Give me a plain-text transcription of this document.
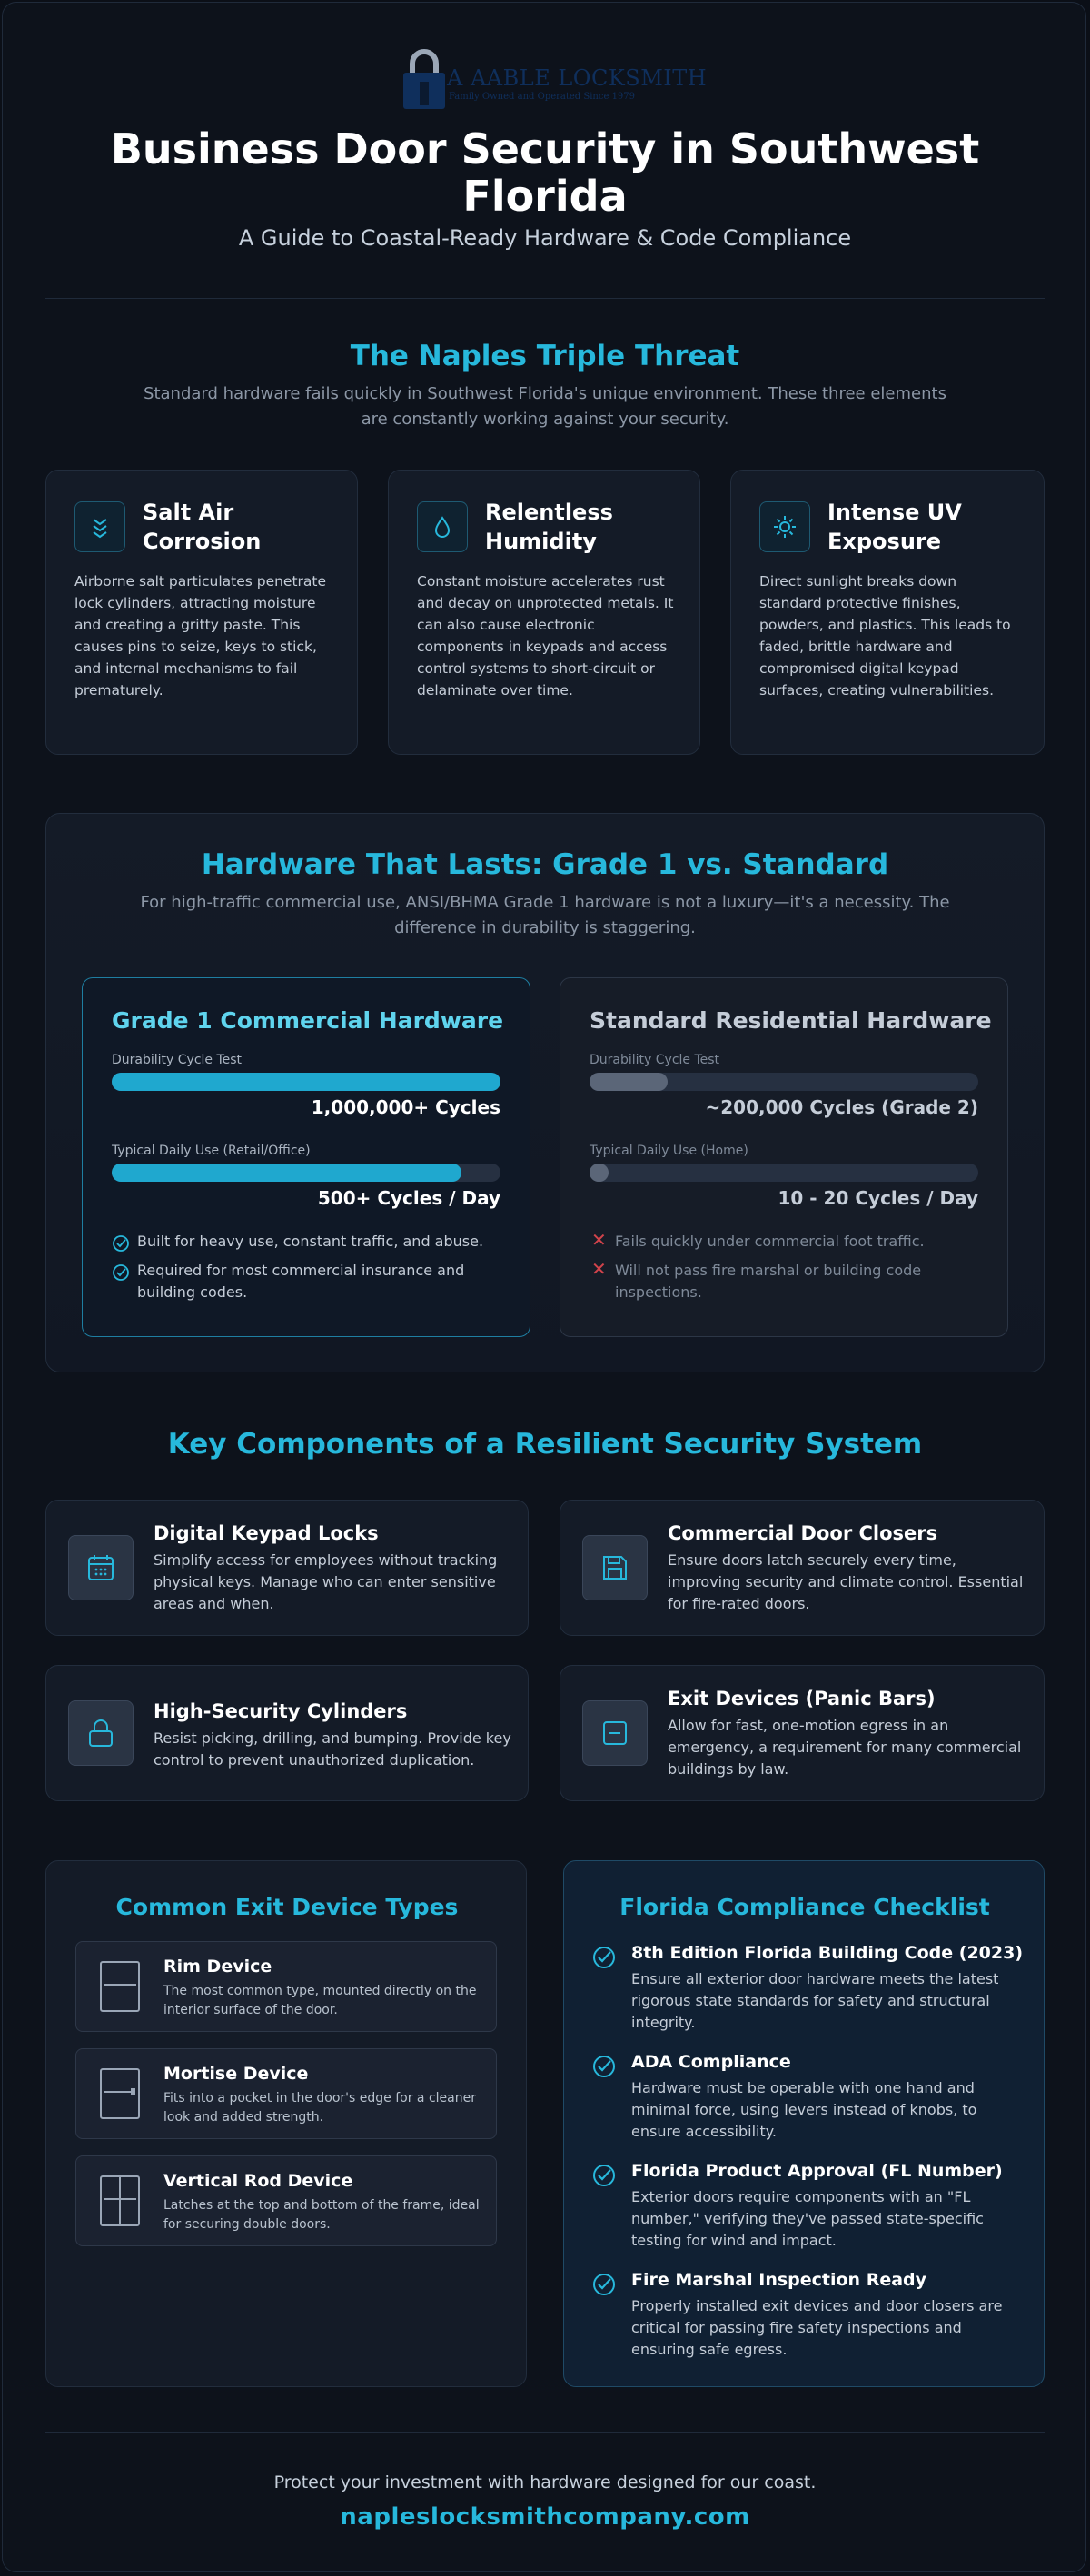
A AABLE LOCKSMITH
Family Owned and Operated Since 1979
Business Door Security in Southwest Florida
A Guide to Coastal-Ready Hardware & Code Compliance
The Naples Triple Threat
Standard hardware fails quickly in Southwest Florida's unique environment. These three elements are constantly working against your security.
Salt Air Corrosion
Airborne salt particulates penetrate lock cylinders, attracting moisture and creating a gritty paste. This causes pins to seize, keys to stick, and internal mechanisms to fail prematurely.
Relentless Humidity
Constant moisture accelerates rust and decay on unprotected metals. It can also cause electronic components in keypads and access control systems to short-circuit or delaminate over time.
Intense UV Exposure
Direct sunlight breaks down standard protective finishes, powders, and plastics. This leads to faded, brittle hardware and compromised digital keypad surfaces, creating vulnerabilities.
Hardware That Lasts: Grade 1 vs. Standard
For high-traffic commercial use, ANSI/BHMA Grade 1 hardware is not a luxury—it's a necessity. The difference in durability is staggering.
Grade 1 Commercial Hardware
Durability Cycle Test
1,000,000+ Cycles
Typical Daily Use (Retail/Office)
500+ Cycles / Day
Built for heavy use, constant traffic, and abuse.
Required for most commercial insurance and building codes.
Standard Residential Hardware
Durability Cycle Test
~200,000 Cycles (Grade 2)
Typical Daily Use (Home)
10 - 20 Cycles / Day
✕ Fails quickly under commercial foot traffic.
✕ Will not pass fire marshal or building code inspections.
Key Components of a Resilient Security System
Digital Keypad Locks
Simplify access for employees without tracking physical keys. Manage who can enter sensitive areas and when.
Commercial Door Closers
Ensure doors latch securely every time, improving security and climate control. Essential for fire-rated doors.
High-Security Cylinders
Resist picking, drilling, and bumping. Provide key control to prevent unauthorized duplication.
Exit Devices (Panic Bars)
Allow for fast, one-motion egress in an emergency, a requirement for many commercial buildings by law.
Common Exit Device Types
Rim Device
The most common type, mounted directly on the interior surface of the door.
Mortise Device
Fits into a pocket in the door's edge for a cleaner look and added strength.
Vertical Rod Device
Latches at the top and bottom of the frame, ideal for securing double doors.
Florida Compliance Checklist
8th Edition Florida Building Code (2023)
Ensure all exterior door hardware meets the latest rigorous state standards for safety and structural integrity.
ADA Compliance
Hardware must be operable with one hand and minimal force, using levers instead of knobs, to ensure accessibility.
Florida Product Approval (FL Number)
Exterior doors require components with an "FL number," verifying they've passed state-specific testing for wind and impact.
Fire Marshal Inspection Ready
Properly installed exit devices and door closers are critical for passing fire safety inspections and ensuring safe egress.
Protect your investment with hardware designed for our coast.
napleslocksmithcompany.com
